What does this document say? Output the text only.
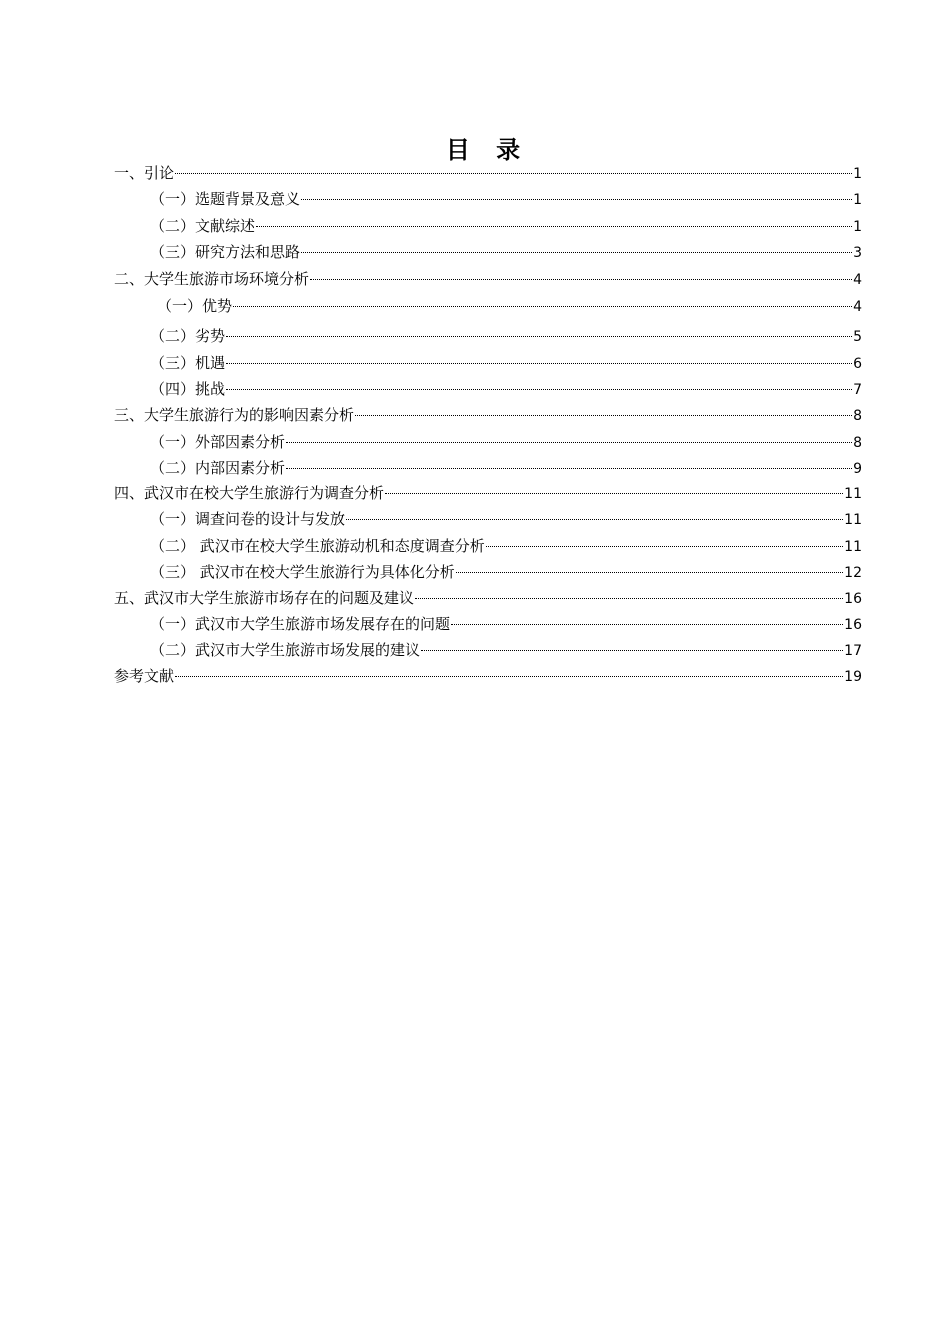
目 录
一、引论	1
（一）选题背景及意义	1
（二）文献综述	1
（三）研究方法和思路	3
二、大学生旅游市场环境分析	4
（一）优势	4
（二）劣势	5
（三）机遇	6
（四）挑战	7
三、大学生旅游行为的影响因素分析	8
（一）外部因素分析	8
（二）内部因素分析	9
四、武汉市在校大学生旅游行为调查分析	11
（一）调查问卷的设计与发放	11
（二） 武汉市在校大学生旅游动机和态度调查分析	11
（三） 武汉市在校大学生旅游行为具体化分析	12
五、武汉市大学生旅游市场存在的问题及建议	16
（一）武汉市大学生旅游市场发展存在的问题	16
（二）武汉市大学生旅游市场发展的建议	17
参考文献	19
